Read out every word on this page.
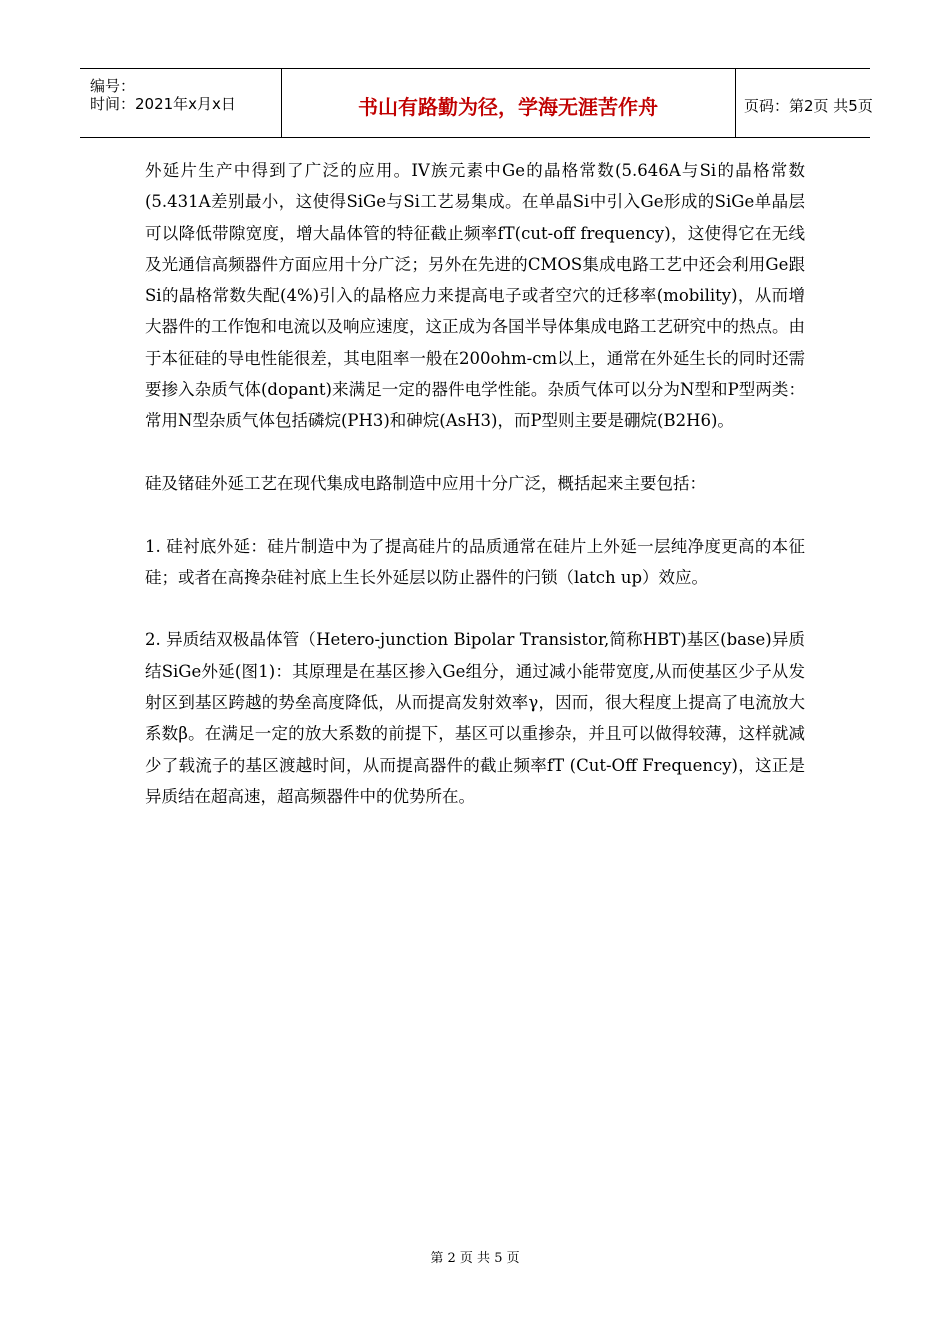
编号：
时间：2021年x月x日	书山有路勤为径，学海无涯苦作舟	页码：第2页 共5页

外延片生产中得到了广泛的应用。IV族元素中Ge的晶格常数(5.646A与Si的晶格常数(5.431A差别最小，这使得SiGe与Si工艺易集成。在单晶Si中引入Ge形成的SiGe单晶层可以降低带隙宽度，增大晶体管的特征截止频率fT(cut-off frequency)，这使得它在无线及光通信高频器件方面应用十分广泛；另外在先进的CMOS集成电路工艺中还会利用Ge跟Si的晶格常数失配(4%)引入的晶格应力来提高电子或者空穴的迁移率(mobility)，从而增大器件的工作饱和电流以及响应速度，这正成为各国半导体集成电路工艺研究中的热点。由于本征硅的导电性能很差，其电阻率一般在200ohm-cm以上，通常在外延生长的同时还需要掺入杂质气体(dopant)来满足一定的器件电学性能。杂质气体可以分为N型和P型两类：常用N型杂质气体包括磷烷(PH3)和砷烷(AsH3)，而P型则主要是硼烷(B2H6)。

硅及锗硅外延工艺在现代集成电路制造中应用十分广泛，概括起来主要包括：

1. 硅衬底外延：硅片制造中为了提高硅片的品质通常在硅片上外延一层纯净度更高的本征硅；或者在高搀杂硅衬底上生长外延层以防止器件的闩锁（latch up）效应。

2. 异质结双极晶体管（Hetero-junction Bipolar Transistor,简称HBT)基区(base)异质结SiGe外延(图1)：其原理是在基区掺入Ge组分，通过减小能带宽度,从而使基区少子从发射区到基区跨越的势垒高度降低，从而提高发射效率γ，因而，很大程度上提高了电流放大系数β。在满足一定的放大系数的前提下，基区可以重掺杂，并且可以做得较薄，这样就减少了载流子的基区渡越时间，从而提高器件的截止频率fT (Cut-Off Frequency)，这正是异质结在超高速，超高频器件中的优势所在。

第 2 页 共 5 页
